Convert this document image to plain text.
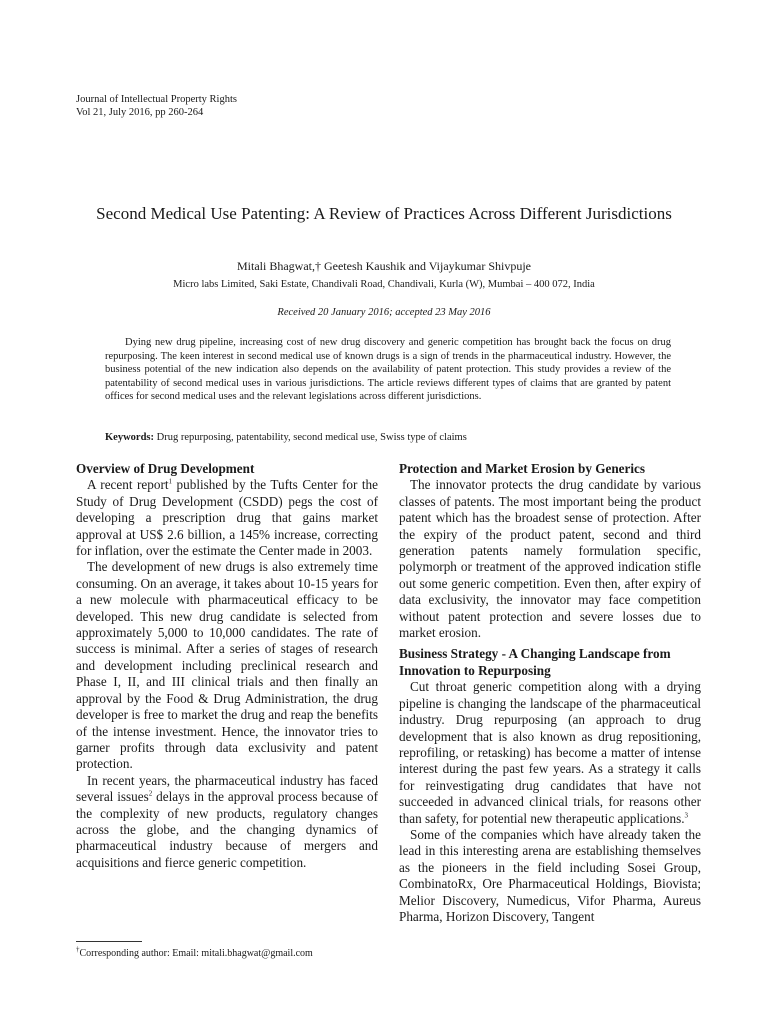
Journal of Intellectual Property Rights
Vol 21, July 2016, pp 260-264
Second Medical Use Patenting: A Review of Practices Across Different Jurisdictions
Mitali Bhagwat,† Geetesh Kaushik and Vijaykumar Shivpuje
Micro labs Limited, Saki Estate, Chandivali Road, Chandivali, Kurla (W), Mumbai – 400 072, India
Received 20 January 2016; accepted 23 May 2016

Dying new drug pipeline, increasing cost of new drug discovery and generic competition has brought back the focus on drug repurposing. The keen interest in second medical use of known drugs is a sign of trends in the pharmaceutical industry. However, the business potential of the new indication also depends on the availability of patent protection. This study provides a review of the patentability of second medical uses in various jurisdictions. The article reviews different types of claims that are granted by patent offices for second medical uses and the relevant legislations across different jurisdictions.

Keywords: Drug repurposing, patentability, second medical use, Swiss type of claims
Overview of Drug Development

A recent report$^1$ published by the Tufts Center for the Study of Drug Development (CSDD) pegs the cost of developing a prescription drug that gains market approval at US$ 2.6 billion, a 145% increase, correcting for inflation, over the estimate the Center made in 2003.

The development of new drugs is also extremely time consuming. On an average, it takes about 10-15 years for a new molecule with pharmaceutical efficacy to be developed. This new drug candidate is selected from approximately 5,000 to 10,000 candidates. The rate of success is minimal. After a series of stages of research and development including preclinical research and Phase I, II, and III clinical trials and then finally an approval by the Food & Drug Administration, the drug developer is free to market the drug and reap the benefits of the intense investment. Hence, the innovator tries to garner profits through data exclusivity and patent protection.

In recent years, the pharmaceutical industry has faced several issues$^2$ delays in the approval process because of the complexity of new products, regulatory changes across the globe, and the changing dynamics of pharmaceutical industry because of mergers and acquisitions and fierce generic competition.

Protection and Market Erosion by Generics

The innovator protects the drug candidate by various classes of patents. The most important being the product patent which has the broadest sense of protection. After the expiry of the product patent, second and third generation patents namely formulation specific, polymorph or treatment of the approved indication stifle out some generic competition. Even then, after expiry of data exclusivity, the innovator may face competition without patent protection and severe losses due to market erosion.

Business Strategy - A Changing Landscape from Innovation to Repurposing

Cut throat generic competition along with a drying pipeline is changing the landscape of the pharmaceutical industry. Drug repurposing (an approach to drug development that is also known as drug repositioning, reprofiling, or retasking) has become a matter of intense interest during the past few years. As a strategy it calls for reinvestigating drug candidates that have not succeeded in advanced clinical trials, for reasons other than safety, for potential new therapeutic applications.$^3$

Some of the companies which have already taken the lead in this interesting arena are establishing themselves as the pioneers in the field including Sosei Group, CombinatoRx, Ore Pharmaceutical Holdings, Biovista; Melior Discovery, Numedicus, Vifor Pharma, Aureus Pharma, Horizon Discovery, Tangent

†Corresponding author: Email: mitali.bhagwat@gmail.com
